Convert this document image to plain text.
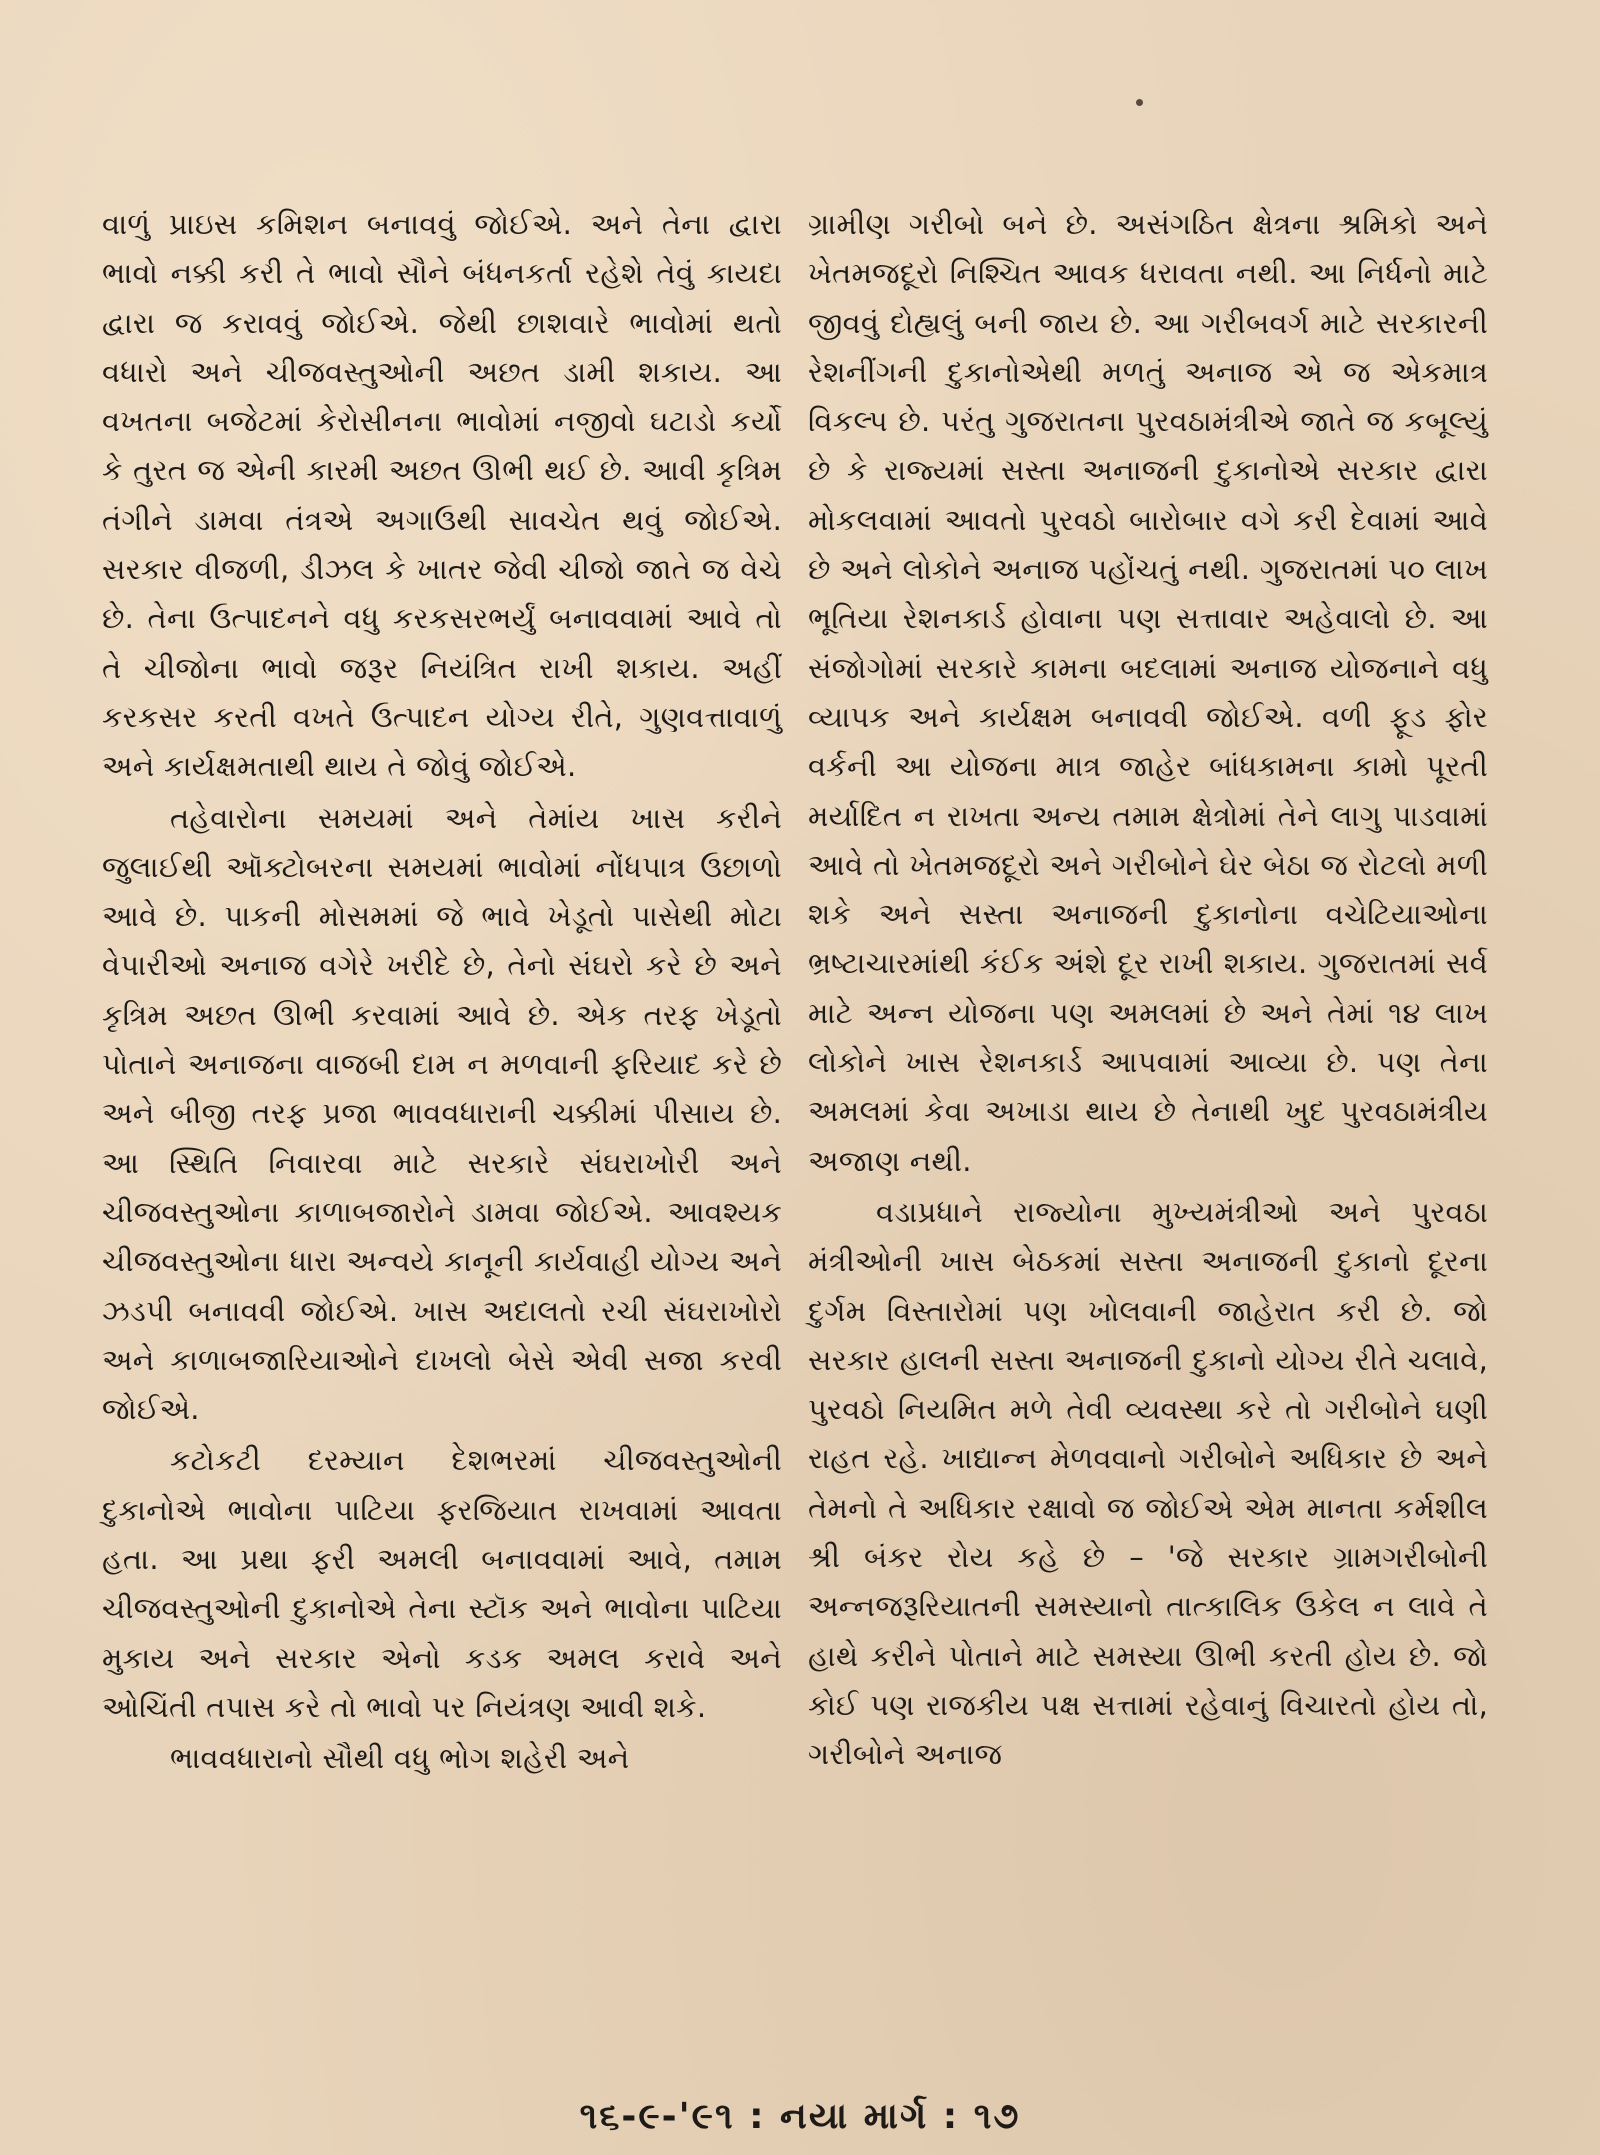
વાળું પ્રાઇસ કમિશન બનાવવું જોઈએ. અને તેના દ્વારા ભાવો નક્કી કરી તે ભાવો સૌને બંધનકર્તા રહેશે તેવું કાયદા દ્વારા જ કરાવવું જોઈએ. જેથી છાશવારે ભાવોમાં થતો વધારો અને ચીજવસ્તુઓની અછત ડામી શકાય. આ વખતના બજેટમાં કેરોસીનના ભાવોમાં નજીવો ઘટાડો કર્યો કે તુરત જ એની કારમી અછત ઊભી થઈ છે. આવી કૃત્રિમ તંગીને ડામવા તંત્રએ અગાઉથી સાવચેત થવું જોઈએ. સરકાર વીજળી, ડીઝલ કે ખાતર જેવી ચીજો જાતે જ વેચે છે. તેના ઉત્પાદનને વધુ કરકસરભર્યું બનાવવામાં આવે તો તે ચીજોના ભાવો જરૂર નિયંત્રિત રાખી શકાય. અહીં કરકસર કરતી વખતે ઉત્પાદન યોગ્ય રીતે, ગુણવત્તાવાળું અને કાર્યક્ષમતાથી થાય તે જોવું જોઈએ.

તહેવારોના સમયમાં અને તેમાંય ખાસ કરીને જુલાઈથી ઑક્ટોબરના સમયમાં ભાવોમાં નોંધપાત્ર ઉછાળો આવે છે. પાકની મોસમમાં જે ભાવે ખેડૂતો પાસેથી મોટા વેપારીઓ અનાજ વગેરે ખરીદે છે, તેનો સંઘરો કરે છે અને કૃત્રિમ અછત ઊભી કરવામાં આવે છે. એક તરફ ખેડૂતો પોતાને અનાજના વાજબી દામ ન મળવાની ફરિયાદ કરે છે અને બીજી તરફ પ્રજા ભાવવધારાની ચક્કીમાં પીસાય છે. આ સ્થિતિ નિવારવા માટે સરકારે સંઘરાખોરી અને ચીજવસ્તુઓના કાળાબજારોને ડામવા જોઈએ. આવશ્યક ચીજવસ્તુઓના ધારા અન્વયે કાનૂની કાર્યવાહી યોગ્ય અને ઝડપી બનાવવી જોઈએ. ખાસ અદાલતો રચી સંઘરાખોરો અને કાળાબજારિયાઓને દાખલો બેસે એવી સજા કરવી જોઈએ.

કટોકટી દરમ્યાન દેશભરમાં ચીજવસ્તુઓની દુકાનોએ ભાવોના પાટિયા ફરજિયાત રાખવામાં આવતા હતા. આ પ્રથા ફરી અમલી બનાવવામાં આવે, તમામ ચીજવસ્તુઓની દુકાનોએ તેના સ્ટૉક અને ભાવોના પાટિયા મુકાય અને સરકાર એનો કડક અમલ કરાવે અને ઓચિંતી તપાસ કરે તો ભાવો પર નિયંત્રણ આવી શકે.

ભાવવધારાનો સૌથી વધુ ભોગ શહેરી અને

ગ્રામીણ ગરીબો બને છે. અસંગઠિત ક્ષેત્રના શ્રમિકો અને ખેતમજદૂરો નિશ્ચિત આવક ધરાવતા નથી. આ નિર્ધનો માટે જીવવું દોહ્યલું બની જાય છે. આ ગરીબવર્ગ માટે સરકારની રેશનીંગની દુકાનોએથી મળતું અનાજ એ જ એકમાત્ર વિકલ્પ છે. પરંતુ ગુજરાતના પુરવઠામંત્રીએ જાતે જ કબૂલ્યું છે કે રાજ્યમાં સસ્તા અનાજની દુકાનોએ સરકાર દ્વારા મોકલવામાં આવતો પુરવઠો બારોબાર વગે કરી દેવામાં આવે છે અને લોકોને અનાજ પહોંચતું નથી. ગુજરાતમાં ૫૦ લાખ ભૂતિયા રેશનકાર્ડ હોવાના પણ સત્તાવાર અહેવાલો છે. આ સંજોગોમાં સરકારે કામના બદલામાં અનાજ યોજનાને વધુ વ્યાપક અને કાર્યક્ષમ બનાવવી જોઈએ. વળી ફૂડ ફોર વર્કની આ યોજના માત્ર જાહેર બાંધકામના કામો પૂરતી મર્યાદિત ન રાખતા અન્ય તમામ ક્ષેત્રોમાં તેને લાગુ પાડવામાં આવે તો ખેતમજદૂરો અને ગરીબોને ઘેર બેઠા જ રોટલો મળી શકે અને સસ્તા અનાજની દુકાનોના વચેટિયાઓના ભ્રષ્ટાચારમાંથી કંઈક અંશે દૂર રાખી શકાય. ગુજરાતમાં સર્વ માટે અન્ન યોજના પણ અમલમાં છે અને તેમાં ૧૪ લાખ લોકોને ખાસ રેશનકાર્ડ આપવામાં આવ્યા છે. પણ તેના અમલમાં કેવા અખાડા થાય છે તેનાથી ખુદ પુરવઠામંત્રીય અજાણ નથી.

વડાપ્રધાને રાજ્યોના મુખ્યમંત્રીઓ અને પુરવઠા મંત્રીઓની ખાસ બેઠકમાં સસ્તા અનાજની દુકાનો દૂરના દુર્ગમ વિસ્તારોમાં પણ ખોલવાની જાહેરાત કરી છે. જો સરકાર હાલની સસ્તા અનાજની દુકાનો યોગ્ય રીતે ચલાવે, પુરવઠો નિયમિત મળે તેવી વ્યવસ્થા કરે તો ગરીબોને ઘણી રાહત રહે. ખાદ્યાન્ન મેળવવાનો ગરીબોને અધિકાર છે અને તેમનો તે અધિકાર રક્ષાવો જ જોઈએ એમ માનતા કર્મશીલ શ્રી બંકર રોય કહે છે – 'જે સરકાર ગ્રામગરીબોની અન્નજરૂરિયાતની સમસ્યાનો તાત્કાલિક ઉકેલ ન લાવે તે હાથે કરીને પોતાને માટે સમસ્યા ઊભી કરતી હોય છે. જો કોઈ પણ રાજકીય પક્ષ સત્તામાં રહેવાનું વિચારતો હોય તો, ગરીબોને અનાજ

૧૬-૯-'૯૧ : નયા માર્ગ : ૧૭
